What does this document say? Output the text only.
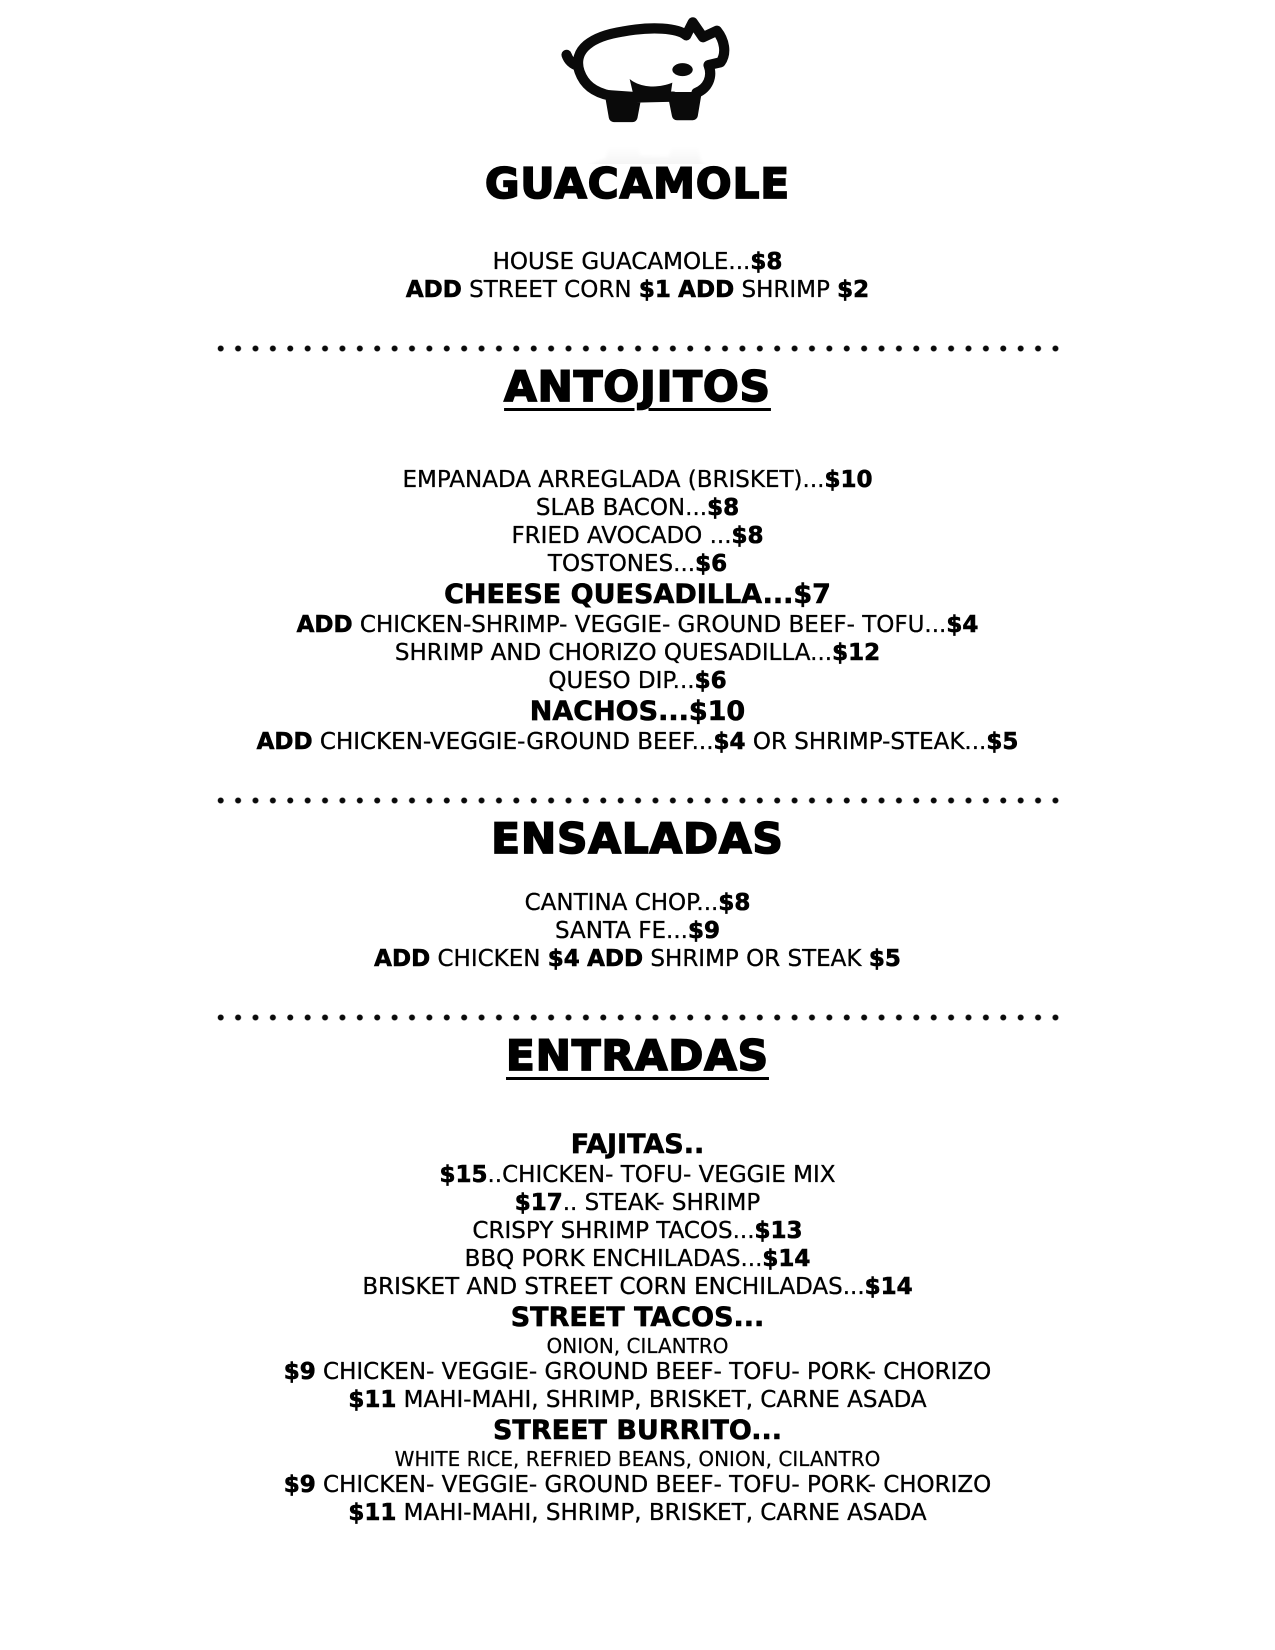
GUACAMOLE

HOUSE GUACAMOLE...$8

ADD STREET CORN $1 ADD SHRIMP $2

ANTOJITOS

EMPANADA ARREGLADA (BRISKET)...$10

SLAB BACON...$8

FRIED AVOCADO ...$8

TOSTONES...$6

CHEESE QUESADILLA...$7

ADD CHICKEN-SHRIMP- VEGGIE- GROUND BEEF- TOFU...$4

SHRIMP AND CHORIZO QUESADILLA...$12

QUESO DIP...$6

NACHOS...$10

ADD CHICKEN-VEGGIE-GROUND BEEF...$4 OR SHRIMP-STEAK...$5

ENSALADAS

CANTINA CHOP...$8

SANTA FE...$9

ADD CHICKEN $4 ADD SHRIMP OR STEAK $5

ENTRADAS

FAJITAS..

$15..CHICKEN- TOFU- VEGGIE MIX

$17.. STEAK- SHRIMP

CRISPY SHRIMP TACOS...$13

BBQ PORK ENCHILADAS...$14

BRISKET AND STREET CORN ENCHILADAS...$14

STREET TACOS...

ONION, CILANTRO

$9 CHICKEN- VEGGIE- GROUND BEEF- TOFU- PORK- CHORIZO

$11 MAHI-MAHI, SHRIMP, BRISKET, CARNE ASADA

STREET BURRITO...

WHITE RICE, REFRIED BEANS, ONION, CILANTRO

$9 CHICKEN- VEGGIE- GROUND BEEF- TOFU- PORK- CHORIZO

$11 MAHI-MAHI, SHRIMP, BRISKET, CARNE ASADA
